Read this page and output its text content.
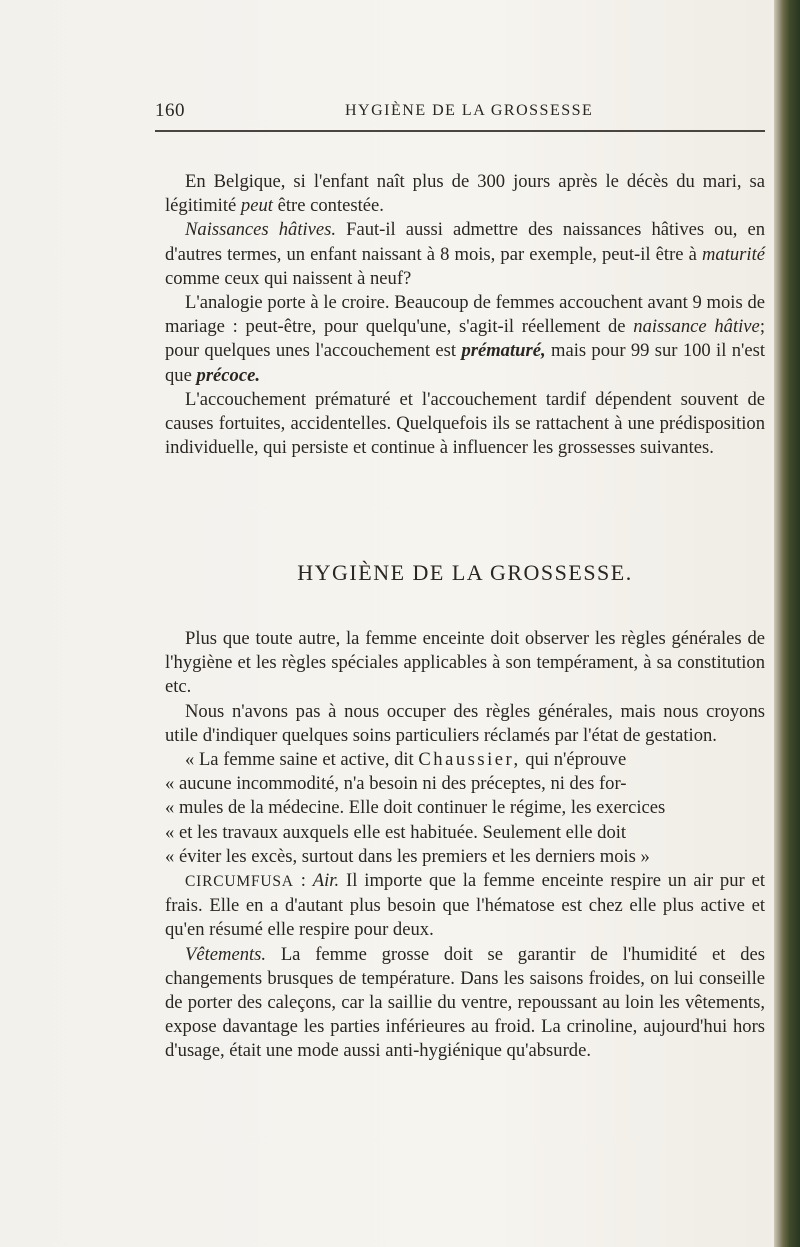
160	HYGIÈNE DE LA GROSSESSE

En Belgique, si l'enfant naît plus de 300 jours après le décès du mari, sa légitimité peut être contestée.

Naissances hâtives. Faut-il aussi admettre des naissances hâtives ou, en d'autres termes, un enfant naissant à 8 mois, par exemple, peut-il être à maturité comme ceux qui naissent à neuf?

L'analogie porte à le croire. Beaucoup de femmes accouchent avant 9 mois de mariage : peut-être, pour quelqu'une, s'agit-il réellement de naissance hâtive; pour quelques unes l'accouchement est prématuré, mais pour 99 sur 100 il n'est que précoce.

L'accouchement prématuré et l'accouchement tardif dépendent souvent de causes fortuites, accidentelles. Quelquefois ils se rattachent à une prédisposition individuelle, qui persiste et continue à influencer les grossesses suivantes.

HYGIÈNE DE LA GROSSESSE.

Plus que toute autre, la femme enceinte doit observer les règles générales de l'hygiène et les règles spéciales applicables à son tempérament, à sa constitution etc.

Nous n'avons pas à nous occuper des règles générales, mais nous croyons utile d'indiquer quelques soins particuliers réclamés par l'état de gestation.

« La femme saine et active, dit Chaussier, qui n'éprouve

« aucune incommodité, n'a besoin ni des préceptes, ni des for-

« mules de la médecine. Elle doit continuer le régime, les exercices

« et les travaux auxquels elle est habituée. Seulement elle doit

« éviter les excès, surtout dans les premiers et les derniers mois »

CIRCUMFUSA : Air. Il importe que la femme enceinte respire un air pur et frais. Elle en a d'autant plus besoin que l'hématose est chez elle plus active et qu'en résumé elle respire pour deux.

Vêtements. La femme grosse doit se garantir de l'humidité et des changements brusques de température. Dans les saisons froides, on lui conseille de porter des caleçons, car la saillie du ventre, repoussant au loin les vêtements, expose davantage les parties inférieures au froid. La crinoline, aujourd'hui hors d'usage, était une mode aussi anti-hygiénique qu'absurde.
